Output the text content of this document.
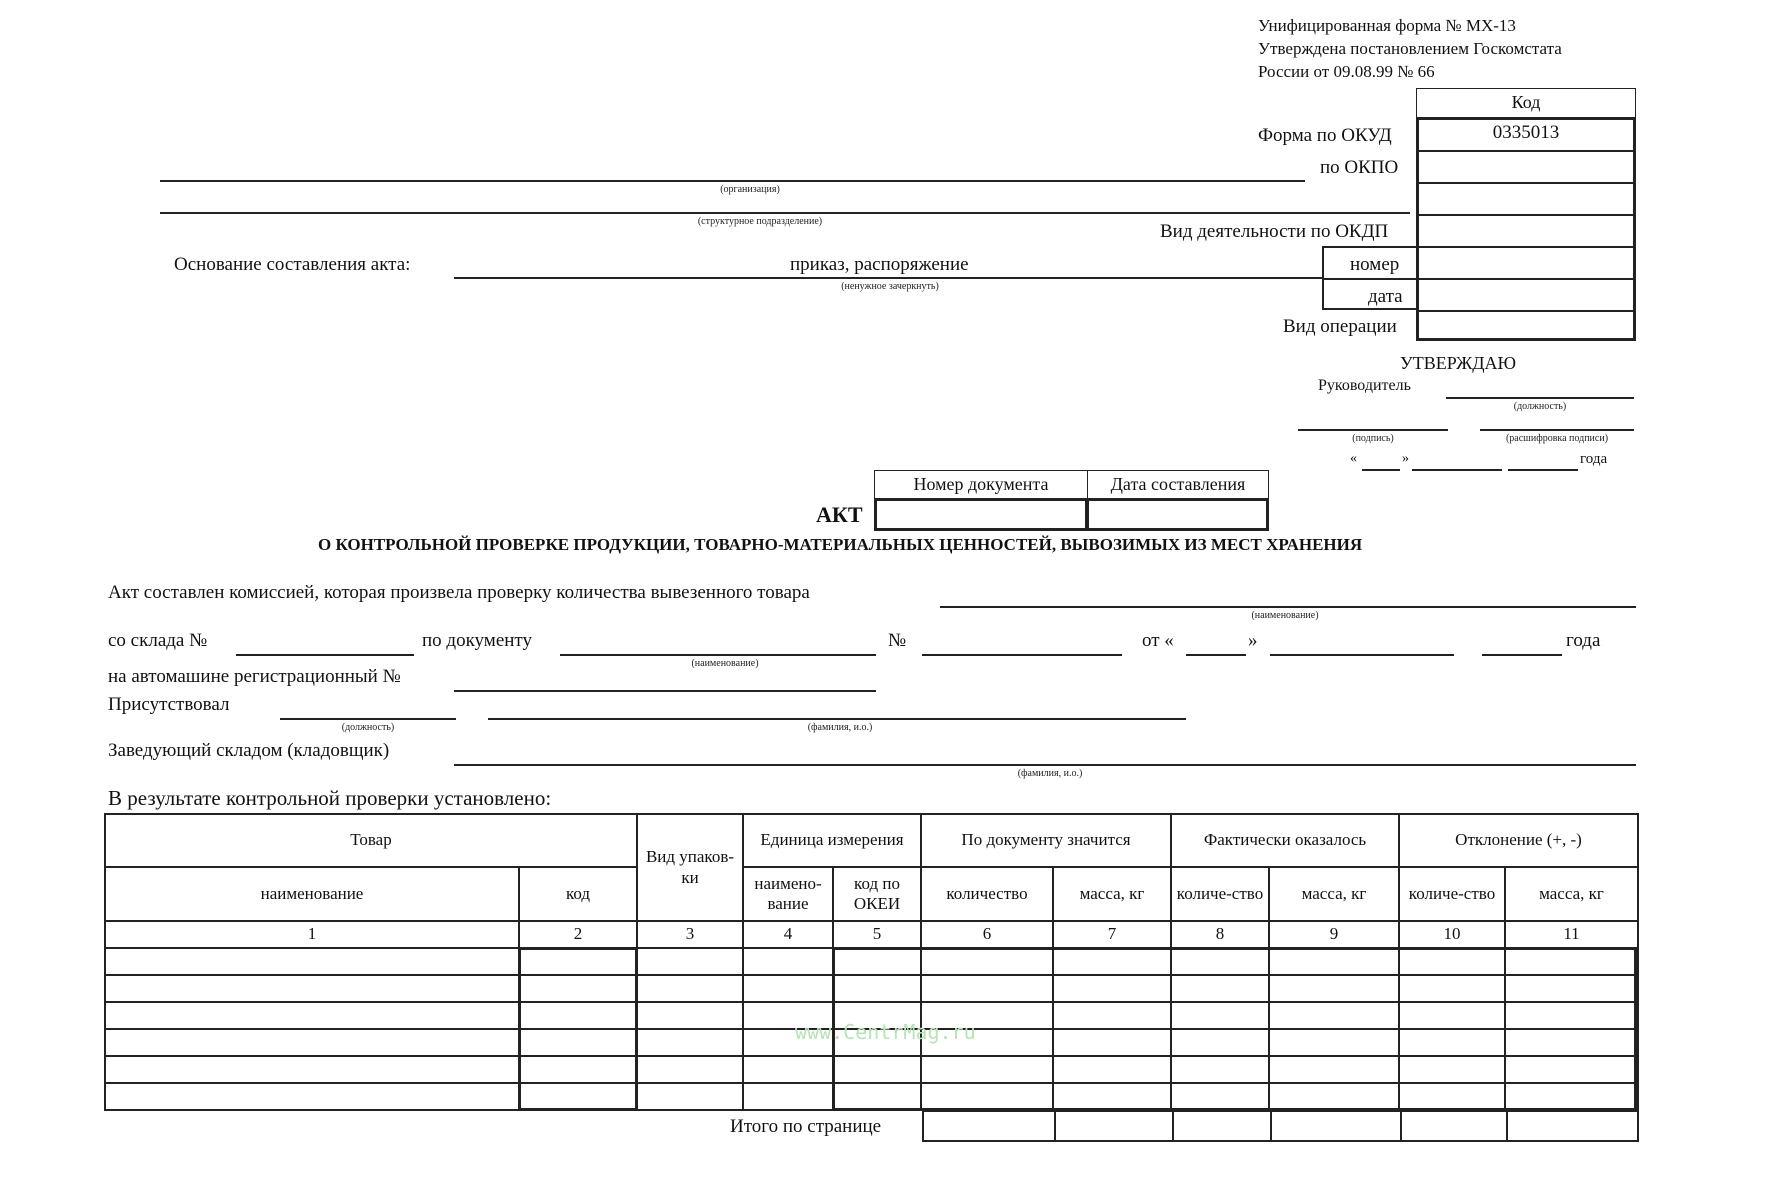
Унифицированная форма № МХ-13
Утверждена постановлением Госкомстата
России от 09.08.99 № 66
Код
0335013
Форма по ОКУД
по ОКПО
Вид деятельности по ОКДП
номер
дата
Вид операции
(организация)
(структурное подразделение)
Основание составления акта:	приказ, распоряжение
(ненужное зачеркнуть)
УТВЕРЖДАЮ
Руководитель
(должность)
(подпись)	(расшифровка подписи)
«	»	года
Номер документа	Дата составления
АКТ
О КОНТРОЛЬНОЙ ПРОВЕРКЕ ПРОДУКЦИИ, ТОВАРНО-МАТЕРИАЛЬНЫХ ЦЕННОСТЕЙ, ВЫВОЗИМЫХ ИЗ МЕСТ ХРАНЕНИЯ
Акт составлен комиссией, которая произвела проверку количества вывезенного товара
(наименование)
со склада №	по документу
(наименование)
№	от «	»	года
на автомашине регистрационный №
Присутствовал
(должность)	(фамилия, и.о.)
Заведующий складом (кладовщик)
(фамилия, и.о.)
В результате контрольной проверки установлено:
Товар		Вид упаков-ки	Единица измерения		По документу значится		Фактически оказалось		Отклонение (+, -)	
наименование	код		наимено-вание	код по ОКЕИ	количество	масса, кг	количе-ство	масса, кг	количе-ство	масса, кг
1	2	3	4	5	6	7	8	9	10	11

Итого по странице

www.CentrMag.ru
